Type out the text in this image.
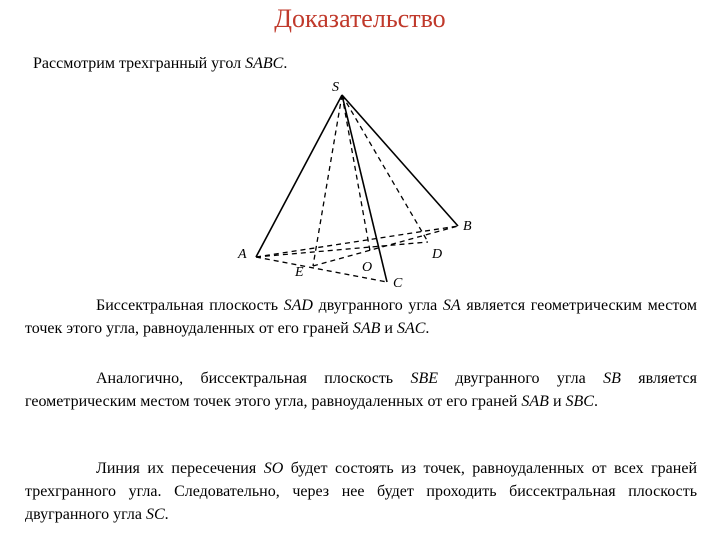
Доказательство
Рассмотрим трехгранный угол SABC.
S
A
B
C
D
E	O

Биссектральная плоскость SAD двугранного угла SA является геометрическим местом точек этого угла, равноудаленных от его граней SAB и SAC.

Аналогично, биссектральная плоскость SBE двугранного угла SB является геометрическим местом точек этого угла, равноудаленных от его граней SAB и SBC.

Линия их пересечения SO будет состоять из точек, равноудаленных от всех граней трехгранного угла. Следовательно, через нее будет проходить биссектральная плоскость двугранного угла SC.
